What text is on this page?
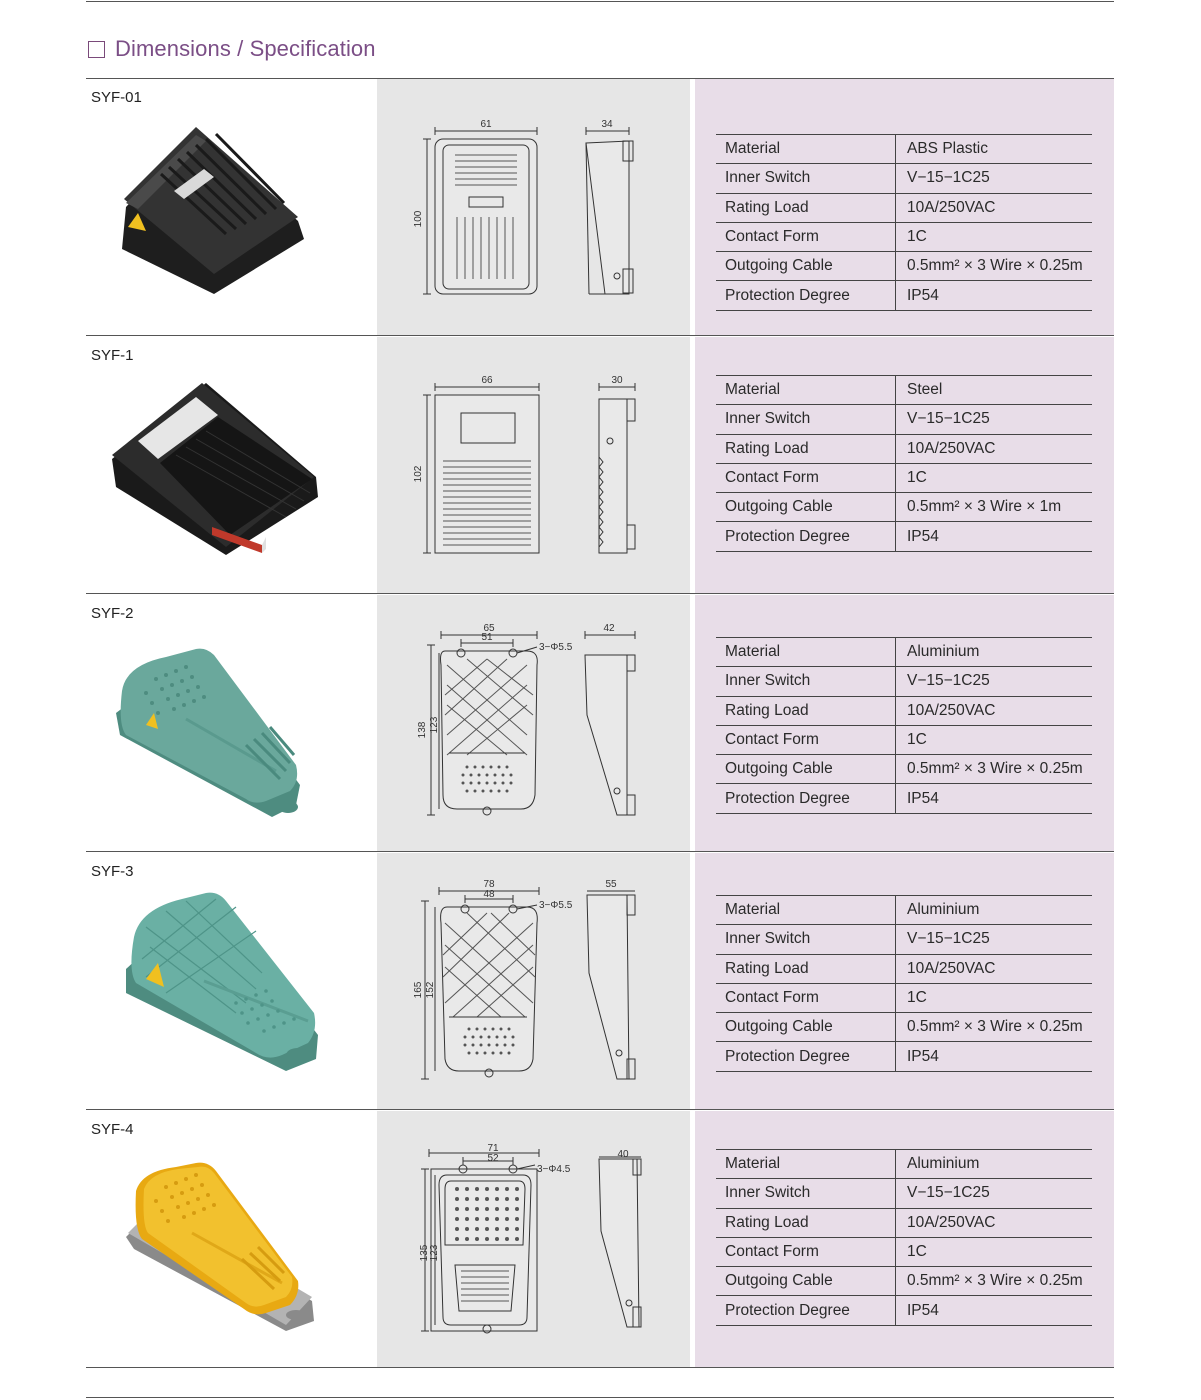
Dimensions / Specification
SYF-01
61	34
100
Material	ABS Plastic
Inner Switch	V−15−1C25
Rating Load	10A/250VAC
Contact Form	1C
Outgoing Cable	0.5mm² × 3 Wire × 0.25m
Protection Degree	IP54
SYF-1
66	30
102
Material	Steel
Inner Switch	V−15−1C25
Rating Load	10A/250VAC
Contact Form	1C
Outgoing Cable	0.5mm² × 3 Wire × 1m
Protection Degree	IP54
SYF-2
65
51
3−Φ5.5
42
138 123
Material	Aluminium
Inner Switch	V−15−1C25
Rating Load	10A/250VAC
Contact Form	1C
Outgoing Cable	0.5mm² × 3 Wire × 0.25m
Protection Degree	IP54
SYF-3
78
48
3−Φ5.5
55
165 152
Material	Aluminium
Inner Switch	V−15−1C25
Rating Load	10A/250VAC
Contact Form	1C
Outgoing Cable	0.5mm² × 3 Wire × 0.25m
Protection Degree	IP54
SYF-4
71
52
3−Φ4.5
40
135 123
Material	Aluminium
Inner Switch	V−15−1C25
Rating Load	10A/250VAC
Contact Form	1C
Outgoing Cable	0.5mm² × 3 Wire × 0.25m
Protection Degree	IP54
